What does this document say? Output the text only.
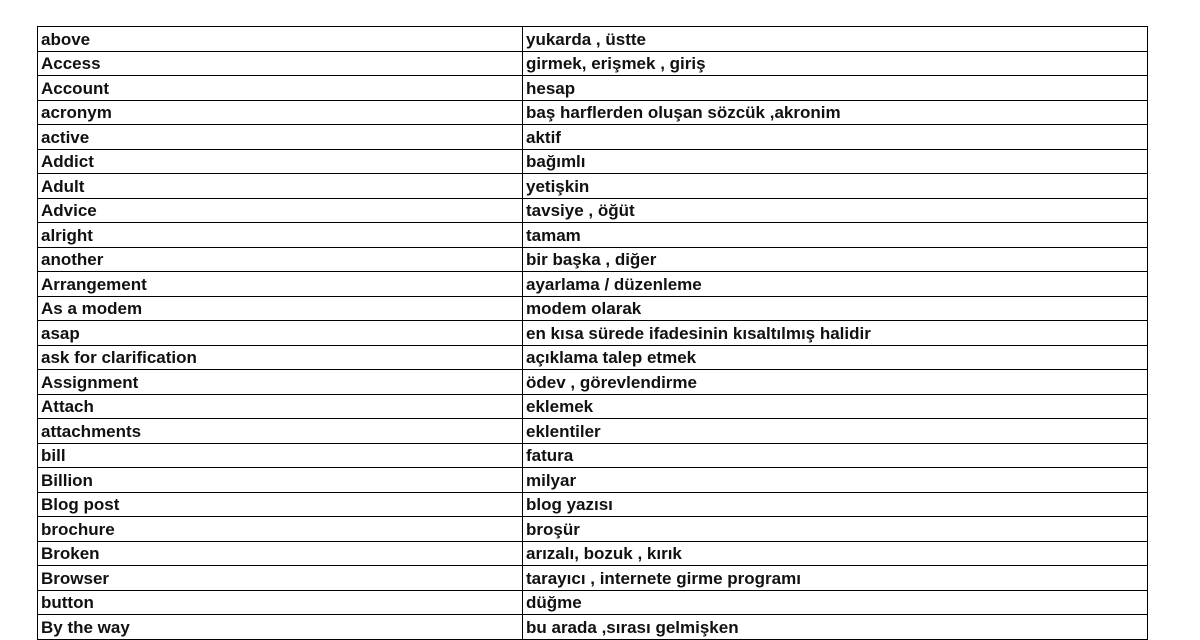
above	yukarda , üstte
Access	girmek, erişmek , giriş
Account	hesap
acronym	baş harflerden oluşan sözcük ,akronim
active	aktif
Addict	bağımlı
Adult	yetişkin
Advice	tavsiye , öğüt
alright	tamam
another	bir başka , diğer
Arrangement	ayarlama / düzenleme
As a modem	modem olarak
asap	en kısa sürede ifadesinin kısaltılmış halidir
ask for clarification	açıklama talep etmek
Assignment	ödev , görevlendirme
Attach	eklemek
attachments	eklentiler
bill	fatura
Billion	milyar
Blog post	blog yazısı
brochure	broşür
Broken	arızalı, bozuk , kırık
Browser	tarayıcı , internete girme programı
button	düğme
By the way	bu arada ,sırası gelmişken
